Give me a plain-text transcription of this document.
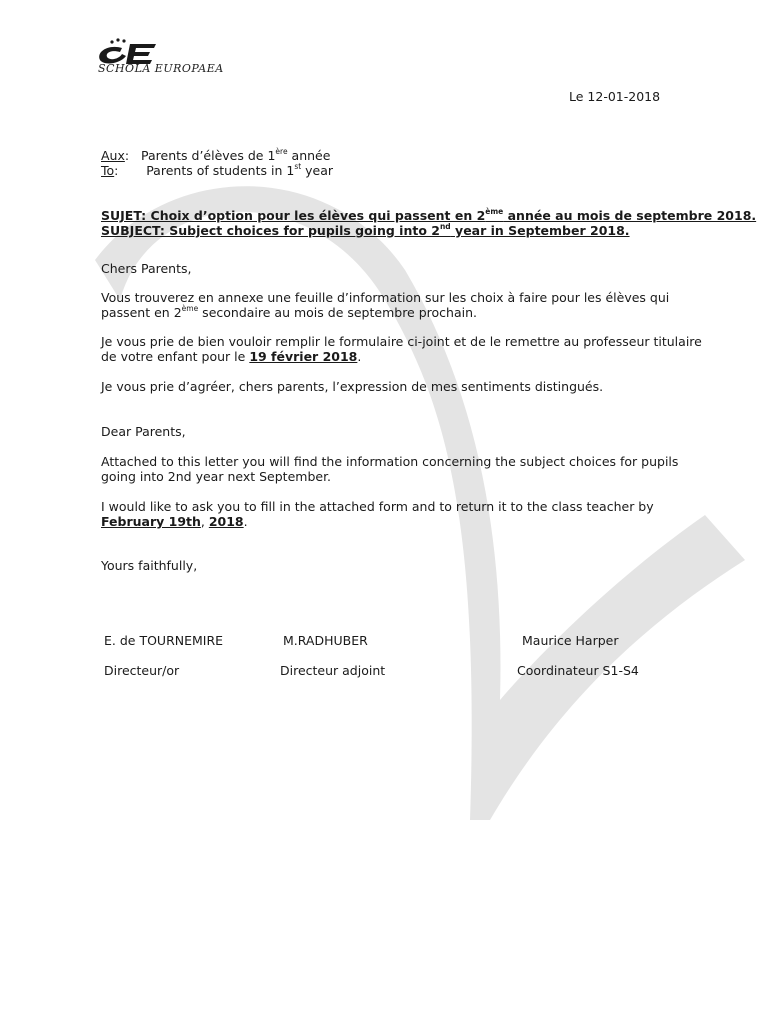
SCHOLA EUROPAEA
Le 12-01-2018
Aux:   Parents d’élèves de 1ère année
To:       Parents of students in 1st year
SUJET: Choix d’option pour les élèves qui passent en 2ème année au mois de septembre 2018.
SUBJECT: Subject choices for pupils going into 2nd year in September 2018.
Chers Parents,
Vous trouverez en annexe une feuille d’information sur les choix à faire pour les élèves qui
passent en 2ème secondaire au mois de septembre prochain.
Je vous prie de bien vouloir remplir le formulaire ci-joint et de le remettre au professeur titulaire
de votre enfant pour le 19 février 2018.
Je vous prie d’agréer, chers parents, l’expression de mes sentiments distingués.
Dear Parents,
Attached to this letter you will find the information concerning the subject choices for pupils
going into 2nd year next September.
I would like to ask you to fill in the attached form and to return it to the class teacher by
February 19th, 2018.
Yours faithfully,
E. de TOURNEMIRE
Directeur/or
M.RADHUBER
Directeur adjoint
Maurice Harper
Coordinateur S1-S4
